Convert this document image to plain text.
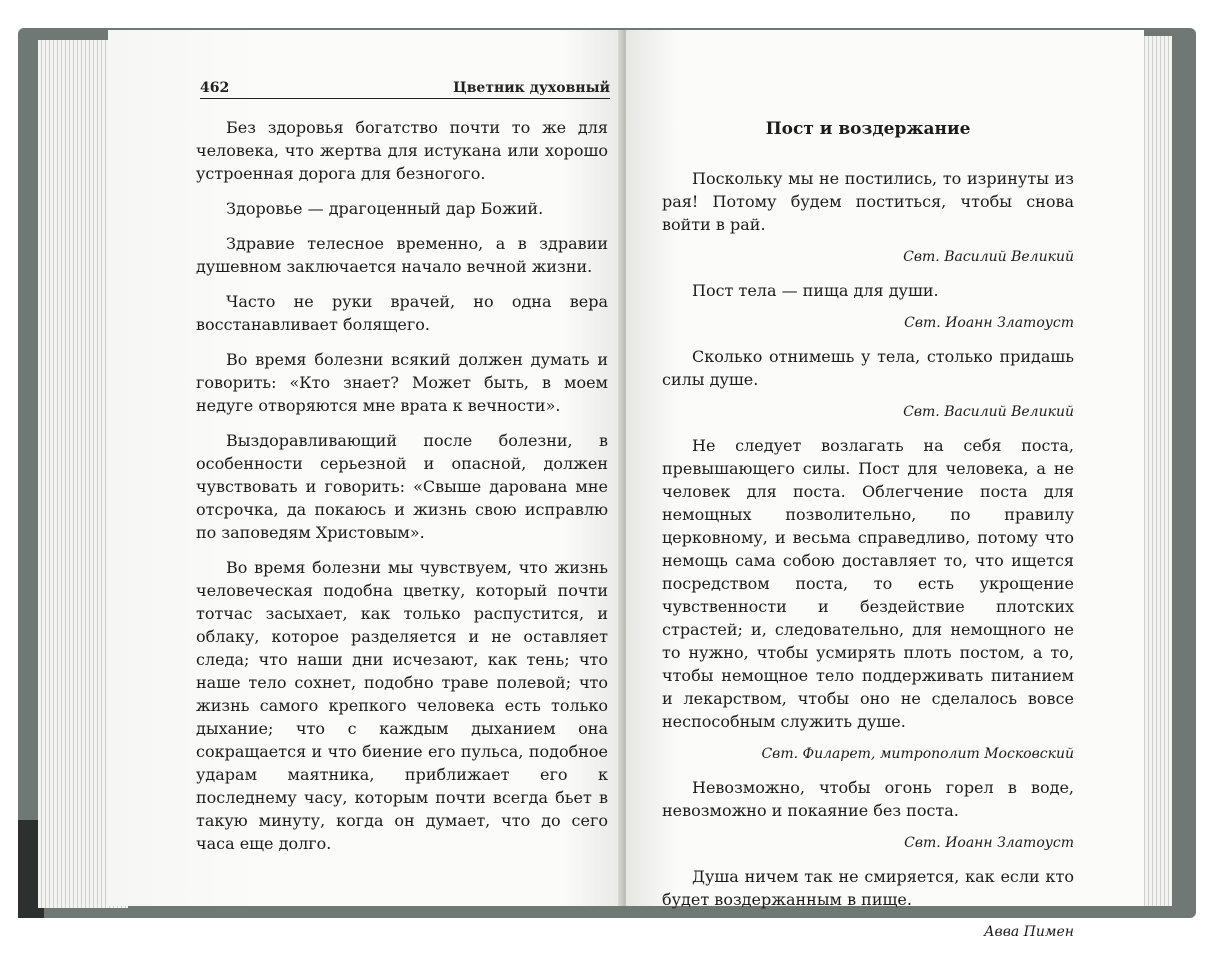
462	Цветник духовный

Без здоровья богатство почти то же для человека, что жертва для истукана или хорошо устроенная дорога для безногого.

Здоровье — драгоценный дар Божий.

Здравие телесное временно, а в здравии душевном заключается начало вечной жизни.

Часто не руки врачей, но одна вера восстанавливает болящего.

Во время болезни всякий должен думать и говорить: «Кто знает? Может быть, в моем недуге отворяются мне врата к вечности».

Выздоравливающий после болезни, в особенности серьезной и опасной, должен чувствовать и говорить: «Свыше дарована мне отсрочка, да покаюсь и жизнь свою исправлю по заповедям Христовым».

Во время болезни мы чувствуем, что жизнь человеческая подобна цветку, который почти тотчас засыхает, как только распустится, и облаку, которое разделяется и не оставляет следа; что наши дни исчезают, как тень; что наше тело сохнет, подобно траве полевой; что жизнь самого крепкого человека есть только дыхание; что с каждым дыханием она сокращается и что биение его пульса, подобное ударам маятника, приближает его к последнему часу, которым почти всегда бьет в такую минуту, когда он думает, что до сего часа еще долго.

Пост и воздержание

Поскольку мы не постились, то изринуты из рая! Потому будем поститься, чтобы снова войти в рай.

Свт. Василий Великий

Пост тела — пища для души.

Свт. Иоанн Златоуст

Сколько отнимешь у тела, столько придашь силы душе.

Свт. Василий Великий

Не следует возлагать на себя поста, превышающего силы. Пост для человека, а не человек для поста. Облегчение поста для немощных позволительно, по правилу церковному, и весьма справедливо, потому что немощь сама собою доставляет то, что ищется посредством поста, то есть укрощение чувственности и бездействие плотских страстей; и, следовательно, для немощного не то нужно, чтобы усмирять плоть постом, а то, чтобы немощное тело поддерживать питанием и лекарством, чтобы оно не сделалось вовсе неспособным служить душе.

Свт. Филарет, митрополит Московский

Невозможно, чтобы огонь горел в воде, невозможно и покаяние без поста.

Свт. Иоанн Златоуст

Душа ничем так не смиряется, как если кто будет воздержанным в пище.

Авва Пимен
